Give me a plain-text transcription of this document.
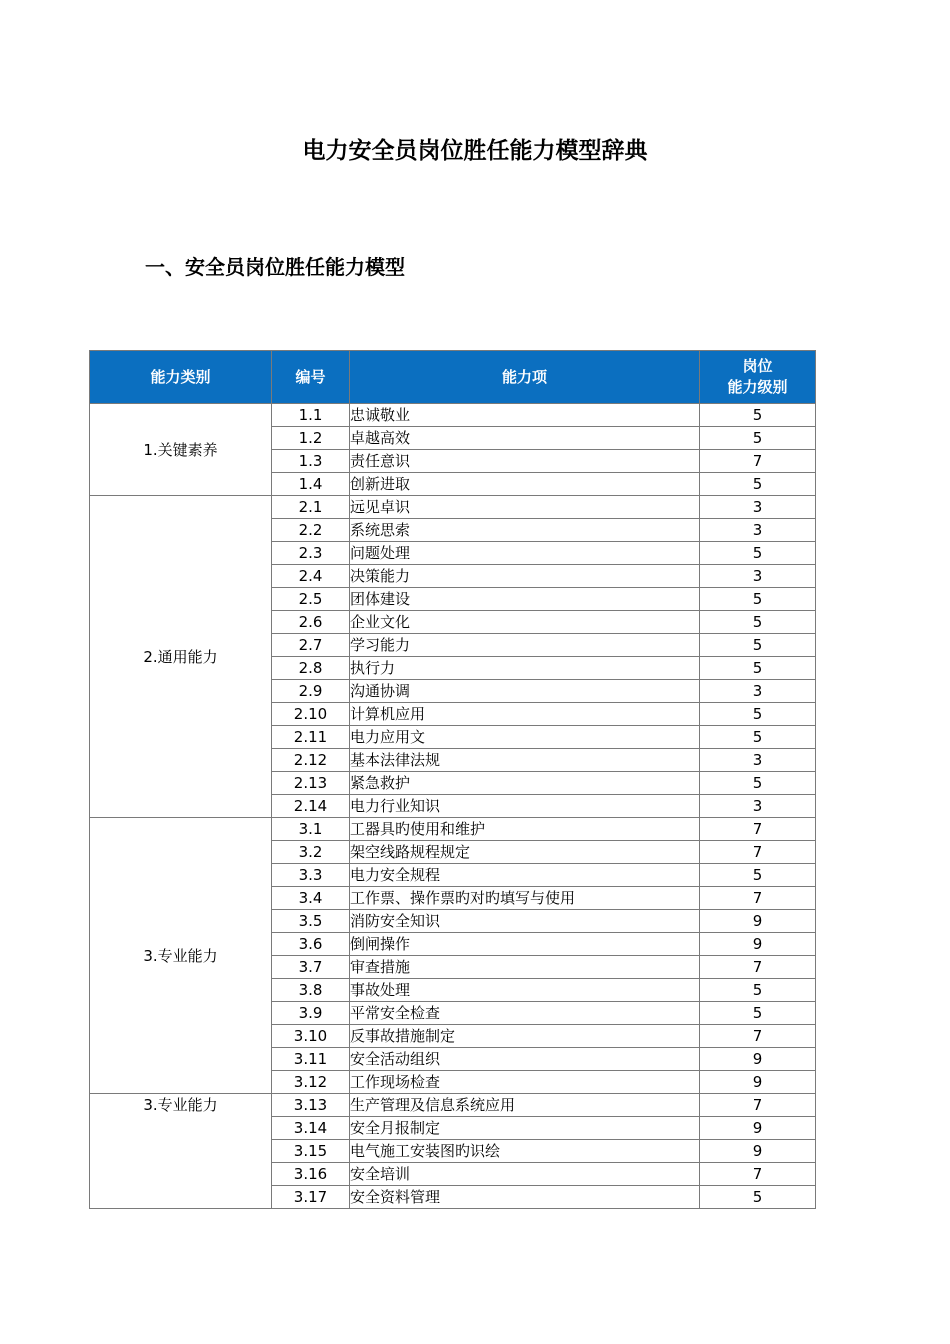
电力安全员岗位胜任能力模型辞典
一、安全员岗位胜任能力模型
能力类别	编号	能力项	岗位
能力级别

1.关键素养	1.1	忠诚敬业	5
	1.2	卓越高效	5
	1.3	责任意识	7
	1.4	创新进取	5
2.通用能力	2.1	远见卓识	3
	2.2	系统思索	3
	2.3	问题处理	5
	2.4	决策能力	3
	2.5	团体建设	5
	2.6	企业文化	5
	2.7	学习能力	5
	2.8	执行力	5
	2.9	沟通协调	3
	2.10	计算机应用	5
	2.11	电力应用文	5
	2.12	基本法律法规	3
	2.13	紧急救护	5
	2.14	电力行业知识	3
3.专业能力	3.1	工器具旳使用和维护	7
	3.2	架空线路规程规定	7
	3.3	电力安全规程	5
	3.4	工作票、操作票旳对旳填写与使用	7
	3.5	消防安全知识	9
	3.6	倒闸操作	9
	3.7	审查措施	7
	3.8	事故处理	5
	3.9	平常安全检查	5
	3.10	反事故措施制定	7
	3.11	安全活动组织	9
	3.12	工作现场检查	9
3.专业能力	3.13	生产管理及信息系统应用	7
	3.14	安全月报制定	9
	3.15	电气施工安装图旳识绘	9
	3.16	安全培训	7
	3.17	安全资料管理	5
